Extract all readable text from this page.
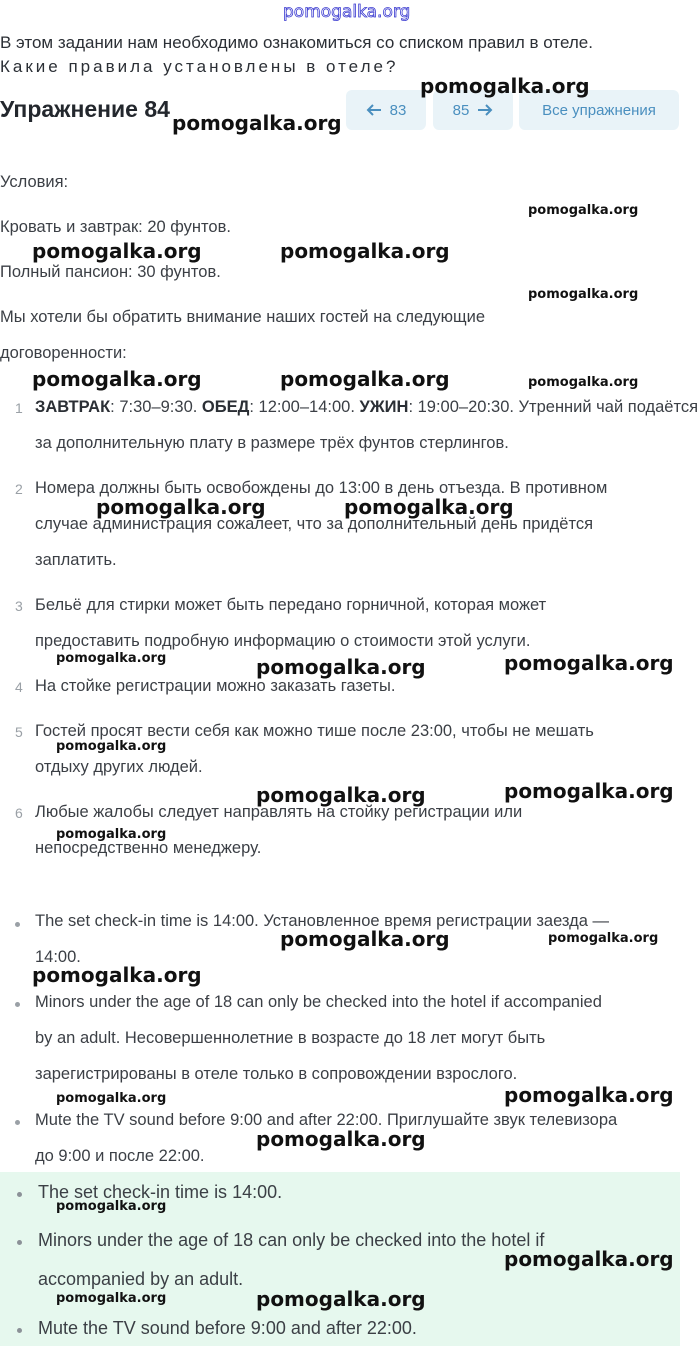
pomogalka.org
В этом задании нам необходимо ознакомиться со списком правил в отеле.
Какие правила установлены в отеле?
Упражнение 84	83	85	Все упражнения
Условия:
Кровать и завтрак: 20 фунтов.
Полный пансион: 30 фунтов.
Мы хотели бы обратить внимание наших гостей на следующие
договоренности:
1 ЗАВТРАК: 7:30–9:30. ОБЕД: 12:00–14:00. УЖИН: 19:00–20:30. Утренний чай подаётся
за дополнительную плату в размере трёх фунтов стерлингов.
2 Номера должны быть освобождены до 13:00 в день отъезда. В противном
случае администрация сожалеет, что за дополнительный день придётся
заплатить.
3 Бельё для стирки может быть передано горничной, которая может
предоставить подробную информацию о стоимости этой услуги.
4 На стойке регистрации можно заказать газеты.
5 Гостей просят вести себя как можно тише после 23:00, чтобы не мешать
отдыху других людей.
6 Любые жалобы следует направлять на стойку регистрации или
непосредственно менеджеру.
The set check-in time is 14:00. Установленное время регистрации заезда —
14:00.
Minors under the age of 18 can only be checked into the hotel if accompanied
by an adult. Несовершеннолетние в возрасте до 18 лет могут быть
зарегистрированы в отеле только в сопровождении взрослого.
Mute the TV sound before 9:00 and after 22:00. Приглушайте звук телевизора
до 9:00 и после 22:00.
The set check-in time is 14:00.
Minors under the age of 18 can only be checked into the hotel if
accompanied by an adult.
Mute the TV sound before 9:00 and after 22:00.
pomogalka.org
pomogalka.org
pomogalka.org
pomogalka.org	pomogalka.org
pomogalka.org
pomogalka.org	pomogalka.org	pomogalka.org
pomogalka.org	pomogalka.org
pomogalka.org	pomogalka.org	pomogalka.org
pomogalka.org
pomogalka.org	pomogalka.org
pomogalka.org
pomogalka.org	pomogalka.org
pomogalka.org
pomogalka.org	pomogalka.org
pomogalka.org
pomogalka.org
pomogalka.org
pomogalka.org	pomogalka.org
